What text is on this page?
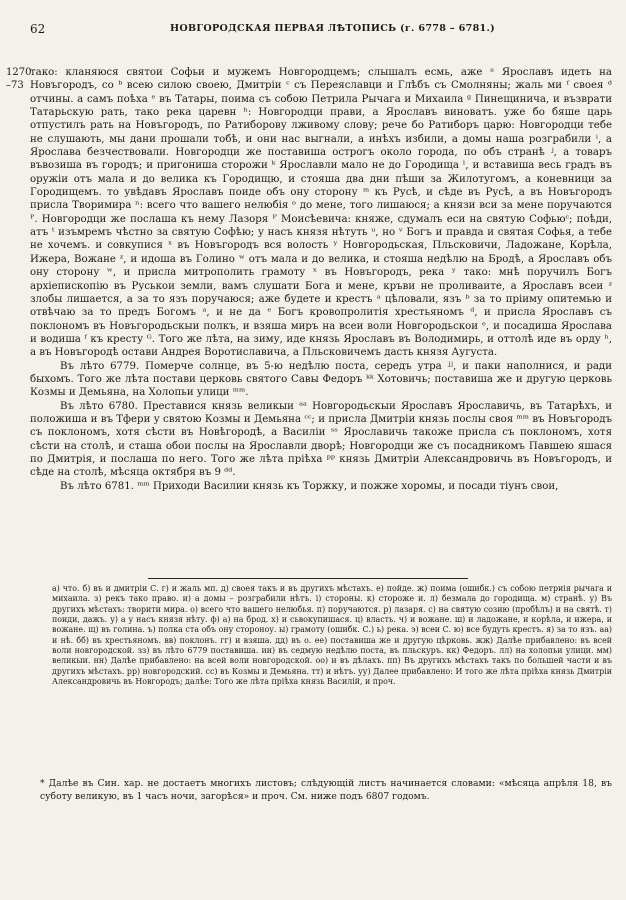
62	НОВГОРОДСКАЯ ПЕРВАЯ ЛѢТОПИСЬ (г. 6778 – 6781.)
1270 –73

тако: кланяюся святои Софьи и мужемъ Новгородцемъ; слышалъ есмь, аже ᵃ Ярославъ идеть на Новъгородъ, со ᵇ всею силою своею, Дмитрiи ᶜ съ Переяславци и Глѣбъ съ Смолняны; жаль ми ᶠ своея ᵈ отчины. а самъ поѣха ᵉ въ Татары, поима съ собою Петрила Рычага и Михаила ᵍ Пинещинича, и възврати Татарьскую рать, тако река царевн ʰ: Новгородци прави, а Ярославъ виноватъ. уже бо бяше царь отпустилъ рать на Новъгородъ, по Ратиборову лживому слову; рече бо Ратиборъ царю: Новгородци тебе не слушають, мы дани прошали тобѣ, и они нас выгнали, а инѣхъ избили, а домы наша розграбили ⁱ, а Ярослава безчествовали. Новгородци же поставиша острогъ около города, по объ странѣ ʲ, а товаръ въвозиша въ городъ; и пригониша сторожи ᵏ Ярославли мало не до Городища ˡ, и вставиша весь градъ въ оружiи отъ мала и до велика къ Городищю, и стояша два дни пѣши за Жилотугомъ, а коневници за Городищемъ. то увѣдавъ Ярославъ поиде объ ону сторону ᵐ къ Русѣ, и сѣде въ Русѣ, а въ Новъгородъ присла Творимира ⁿ: всего что вашего нелюбiя ᵒ до мене, того лишаюся; а князи вси за мене поручаются ᴾ. Новгородци же послаша къ нему Лазоря ᴾ Моисѣевича: княже, сдумалъ еси на святую Софьюᶜ; поѣди, атъ ᵗ изъмремъ чѣстно за святую Софѣю; у насъ князя нѣтуть ᵘ, но ᵛ Богъ и правда и святая Софья, а тебе не хочемъ. и совкупися ˣ въ Новъгородъ вся волость ʸ Новгородьская, Пльсковичи, Ладожане, Корѣла, Ижера, Вожане ᶻ, и идоша въ Голино ʷ отъ мала и до велика, и стояша недѣлю на Бродѣ, а Ярославъ объ ону сторону ʷ, и присла митрополить грамоту ˣ въ Новъгородъ, река ʸ тако: мнѣ поручилъ Богъ архiепископiю въ Руськои земли, вамъ слушати Бога и мене, кръви не проливаите, а Ярославъ всеи ᶻ злобы лишается, а за то язъ поручаюся; аже будете и крестъ ᵃ цѣловали, язъ ᵇ за то прiиму опитемью и отвѣчаю за то предъ Богомъ ᵃ, и не да ᵉ Богъ кровопролитiя хрестьяномъ ᵈ, и присла Ярославъ съ поклономъ въ Новъгородьскыи полкъ, и взяша миръ на всеи воли Новгородьскои ᵉ, и посадиша Ярослава и водиша ᶠ къ кресту ᴳ. Того же лѣта, на зиму, иде князь Ярославъ въ Володимирь, и оттолѣ иде въ орду ʰ, а въ Новъгородѣ остави Андрея Воротиславича, а Пльсковичемъ дасть князя Аугуста.

Въ лѣто 6779. Померче солнце, въ 5-ю недѣлю поста, середъ утра ʲʲ, и паки наполнися, и ради быхомъ. Того же лѣта постави церковь святого Савы Федоръ ᵏᵏ Хотовичь; поставиша же и другую церковь Козмы и Демьяна, на Холопьи улици ᵐᵐ.

Въ лѣто 6780. Преставися князь великыи ᵃᵃ Новгородьскыи Ярославъ Ярославичь, въ Татарѣхъ, и положиша и въ Тфери у святою Козмы и Демьяна ᶜᶜ; и присла Дмитрiи князь послы своя ᵐᵐ въ Новъгородъ съ поклономъ, хотя сѣсти въ Новѣгородѣ, а Василiи ˢˢ Ярославичь такоже присла съ поклономъ, хотя сѣсти на столѣ, и сташа обои послы на Ярославли дворѣ; Новгородци же съ посадникомъ Павшею яшася по Дмитрiя, и послаша по него. Того же лѣта прiѣха ᵖᵖ князь Дмитрiи Александровичь въ Новъгородъ, и сѣде на столѣ, мѣсяца октября въ 9 ᵈᵈ.

Въ лѣто 6781. ᵐᵐ Приходи Василии князь къ Торжку, и пожже хоромы, и посади тiунъ свои,

а) что. б) въ и дмитрiи С. г) и жаль мп. д) своея такъ и въ другихъ мѣстахъ. е) пойде. ж) поима (ошибк.) съ собою петриiя рычага и михаила. з) рекъ тако право. и) а домы – розграбили нѣтъ. i) стороны. к) стороже и. л) безмала до городища. м) странѣ. у) Въ другихъ мѣстахъ: творити мира. о) всего что вашего нелюбья. п) поручаются. р) лазаря. с) на святую созию (пробѣлъ) и на святѣ. т) поиди, дажъ. у) а у насъ князя нѣту. ф) а) на брод. х) и сьвокупишася. ц) власть. ч) и вожане. ш) и ладожане, и корѣла, и ижера, и вожане. щ) въ голина. ъ) полка ста объ ону стороноу. ы) грамоту (ошибк. С.) ь) река. э) всеи С. ю) все будуть крестъ. я) за то язъ. аа) и нѣ. бб) въ хрестьяномъ. вв) поклонъ. гг) и взяша. дд) въ о. ее) поставиша же и другую цѣрковь. жж) Далѣе прибавлено: въ всей воли новгородской. зз) въ лѣто 6779 поставиша. ии) въ седмую недѣлю поста, въ пльскуръ. кк) Федоръ. лл) на холопьи улици. мм) великыи. нн) Далѣе прибавлено: на всей воли новгородской. оо) и въ дѣлахъ. пп) Въ другихъ мѣстахъ такъ по большей части и въ другихъ мѣстахъ. рр) новгородский. сс) въ Козмы и Демьяна. тт) и нѣтъ. уу) Далее прибавлено: И того же лѣта пріѣха князь Дмитрiи Александровичь въ Новгородъ; далѣе: Того же лѣта прiѣха князь Василiй, и проч.
* Далѣе въ Син. хар. не достаетъ многихъ листовъ; слѣдующiй листъ начинается словами: «мѣсяца апрѣля 18, въ суботу великую, въ 1 часъ ночи, загорѣся» и проч. См. ниже подъ 6807 годомъ.
